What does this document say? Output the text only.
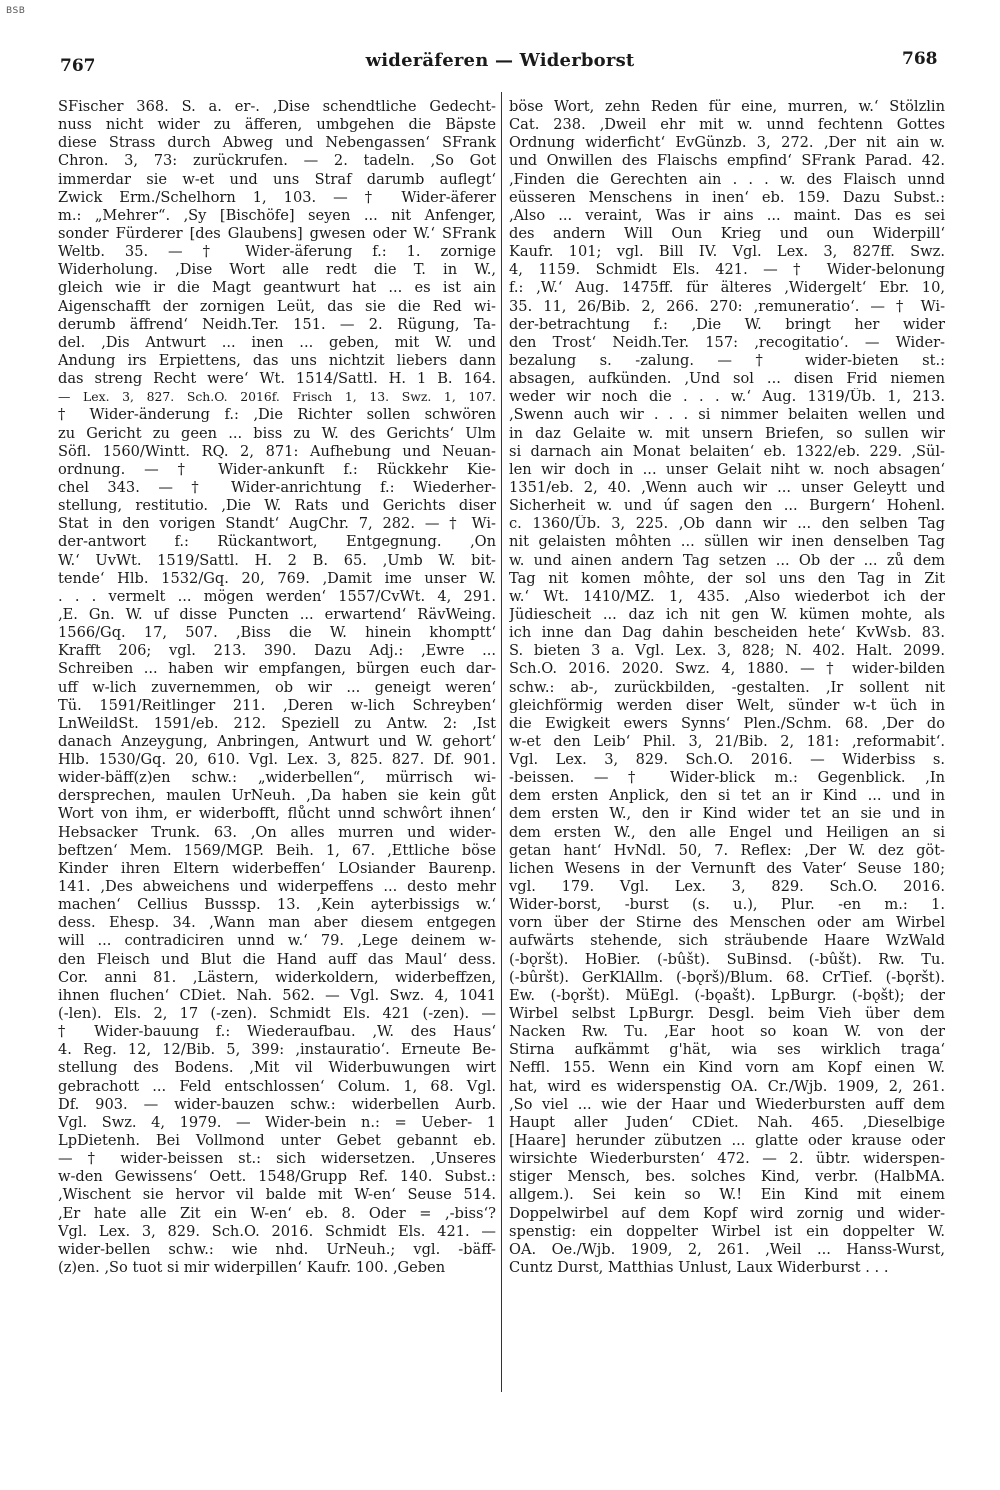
BSB
767	wideräferen — Widerborst	768
SFischer 368. S. a. er-. ‚Dise schendtliche Gedecht-
nuss nicht wider zu äfferen, umbgehen die Bäpste
diese Strass durch Abweg und Nebengassen‘ SFrank
Chron. 3, 73: zurückrufen. — 2. tadeln. ‚So Got
immerdar sie w-et und uns Straf darumb auflegt‘
Zwick Erm./Schelhorn 1, 103. — † Wider-äferer
m.: „Mehrer“. ‚Sy [Bischöfe] seyen ... nit Anfenger,
sonder Fürderer [des Glaubens] gwesen oder W.‘ SFrank
Weltb. 35. — † Wider-äferung f.: 1. zornige
Widerholung. ‚Dise Wort alle redt die T. in W.,
gleich wie ir die Magt geantwurt hat ... es ist ain
Aigenschafft der zornigen Leüt, das sie die Red wi-
derumb äffrend‘ Neidh.Ter. 151. — 2. Rügung, Ta-
del. ‚Dis Antwurt ... inen ... geben, mit W. und
Andung irs Erpiettens, das uns nichtzit liebers dann
das streng Recht were‘ Wt. 1514/Sattl. H. 1 B. 164.
— Lex. 3, 827. Sch.O. 2016f. Frisch 1, 13. Swz. 1, 107.
† Wider-änderung f.: ‚Die Richter sollen schwören
zu Gericht zu geen ... biss zu W. des Gerichts‘ Ulm
Söfl. 1560/Wintt. RQ. 2, 871: Aufhebung und Neuan-
ordnung. — † Wider-ankunft f.: Rückkehr Kie-
chel 343. — † Wider-anrichtung f.: Wiederher-
stellung, restitutio. ‚Die W. Rats und Gerichts diser
Stat in den vorigen Standt‘ AugChr. 7, 282. — † Wi-
der-antwort f.: Rückantwort, Entgegnung. ‚On
W.‘ UvWt. 1519/Sattl. H. 2 B. 65. ‚Umb W. bit-
tende‘ Hlb. 1532/Gq. 20, 769. ‚Damit ime unser W.
. . . vermelt ... mögen werden‘ 1557/CvWt. 4, 291.
‚E. Gn. W. uf disse Puncten ... erwartend‘ RävWeing.
1566/Gq. 17, 507. ‚Biss die W. hinein khomptt‘
Krafft 206; vgl. 213. 390. Dazu Adj.: ‚Ewre ...
Schreiben ... haben wir empfangen, bürgen euch dar-
uff w-lich zuvernemmen, ob wir ... geneigt weren‘
Tü. 1591/Reitlinger 211. ‚Deren w-lich Schreyben‘
LnWeildSt. 1591/eb. 212. Speziell zu Antw. 2: ‚Ist
danach Anzeygung, Anbringen, Antwurt und W. gehort‘
Hlb. 1530/Gq. 20, 610. Vgl. Lex. 3, 825. 827. Df. 901.
wider-bäff(z)en schw.: „widerbellen“, mürrisch wi-
dersprechen, maulen UrNeuh. ‚Da haben sie kein gůt
Wort von ihm, er widerbofft, flůcht unnd schwôrt ihnen‘
Hebsacker Trunk. 63. ‚On alles murren und wider-
beftzen‘ Mem. 1569/MGP. Beih. 1, 67. ‚Ettliche böse
Kinder ihren Eltern widerbeffen‘ LOsiander Baurenp.
141. ‚Des abweichens und widerpeffens ... desto mehr
machen‘ Cellius Busssp. 13. ‚Kein ayterbissigs w.‘
dess. Ehesp. 34. ‚Wann man aber diesem entgegen
will ... contradiciren unnd w.‘ 79. ‚Lege deinem w-
den Fleisch und Blut die Hand auff das Maul‘ dess.
Cor. anni 81. ‚Lästern, widerkoldern, widerbeffzen,
ihnen fluchen‘ CDiet. Nah. 562. — Vgl. Swz. 4, 1041
(-len). Els. 2, 17 (-zen). Schmidt Els. 421 (-zen). —
† Wider-bauung f.: Wiederaufbau. ‚W. des Haus‘
4. Reg. 12, 12/Bib. 5, 399: ‚instauratio‘. Erneute Be-
stellung des Bodens. ‚Mit vil Widerbuwungen wirt
gebrachott ... Feld entschlossen‘ Colum. 1, 68. Vgl.
Df. 903. — wider-bauzen schw.: widerbellen Aurb.
Vgl. Swz. 4, 1979. — Wider-bein n.: = Ueber- 1
LpDietenh. Bei Vollmond unter Gebet gebannt eb.
— † wider-beissen st.: sich widersetzen. ‚Unseres
w-den Gewissens‘ Oett. 1548/Grupp Ref. 140. Subst.:
‚Wischent sie hervor vil balde mit W-en‘ Seuse 514.
‚Er hate alle Zit ein W-en‘ eb. 8. Oder = ,-biss‘?
Vgl. Lex. 3, 829. Sch.O. 2016. Schmidt Els. 421. —
wider-bellen schw.: wie nhd. UrNeuh.; vgl. -bäff-
(z)en. ‚So tuot si mir widerpillen‘ Kaufr. 100. ‚Geben
böse Wort, zehn Reden für eine, murren, w.‘ Stölzlin
Cat. 238. ‚Dweil ehr mit w. unnd fechtenn Gottes
Ordnung widerficht‘ EvGünzb. 3, 272. ‚Der nit ain w.
und Onwillen des Flaischs empfind‘ SFrank Parad. 42.
‚Finden die Gerechten ain . . . w. des Flaisch unnd
eüsseren Menschens in inen‘ eb. 159. Dazu Subst.:
‚Also ... veraint, Was ir ains ... maint. Das es sei
des andern Will Oun Krieg und oun Widerpill‘
Kaufr. 101; vgl. Bill IV. Vgl. Lex. 3, 827ff. Swz.
4, 1159. Schmidt Els. 421. — † Wider-belonung
f.: ‚W.‘ Aug. 1475ff. für älteres ‚Widergelt‘ Ebr. 10,
35. 11, 26/Bib. 2, 266. 270: ‚remuneratio‘. — † Wi-
der-betrachtung f.: ‚Die W. bringt her wider
den Trost‘ Neidh.Ter. 157: ‚recogitatio‘. — Wider-
bezalung s. -zalung. — † wider-bieten st.:
absagen, aufkünden. ‚Und sol ... disen Frid niemen
weder wir noch die . . . w.‘ Aug. 1319/Üb. 1, 213.
‚Swenn auch wir . . . si nimmer belaiten wellen und
in daz Gelaite w. mit unsern Briefen, so sullen wir
si darnach ain Monat belaiten‘ eb. 1322/eb. 229. ‚Sül-
len wir doch in ... unser Gelait niht w. noch absagen‘
1351/eb. 2, 40. ‚Wenn auch wir ... unser Geleytt und
Sicherheit w. und úf sagen den ... Burgern‘ Hohenl.
c. 1360/Üb. 3, 225. ‚Ob dann wir ... den selben Tag
nit gelaisten môhten ... süllen wir inen denselben Tag
w. und ainen andern Tag setzen ... Ob der ... zů dem
Tag nit komen môhte, der sol uns den Tag in Zit
w.‘ Wt. 1410/MZ. 1, 435. ‚Also wiederbot ich der
Jüdiescheit ... daz ich nit gen W. kümen mohte, als
ich inne dan Dag dahin bescheiden hete‘ KvWsb. 83.
S. bieten 3 a. Vgl. Lex. 3, 828; N. 402. Halt. 2099.
Sch.O. 2016. 2020. Swz. 4, 1880. — † wider-bilden
schw.: ab-, zurückbilden, -gestalten. ‚Ir sollent nit
gleichförmig werden diser Welt, sünder w-t üch in
die Ewigkeit ewers Synns‘ Plen./Schm. 68. ‚Der do
w-et den Leib‘ Phil. 3, 21/Bib. 2, 181: ‚reformabit‘.
Vgl. Lex. 3, 829. Sch.O. 2016. — Widerbiss s.
-beissen. — † Wider-blick m.: Gegenblick. ‚In
dem ersten Anplick, den si tet an ir Kind ... und in
dem ersten W., den ir Kind wider tet an sie und in
dem ersten W., den alle Engel und Heiligen an si
getan hant‘ HvNdl. 50, 7. Reflex: ‚Der W. dez göt-
lichen Wesens in der Vernunft des Vater‘ Seuse 180;
vgl. 179. Vgl. Lex. 3, 829. Sch.O. 2016.
Wider-borst, -burst (s. u.), Plur. -en m.: 1.
vorn über der Stirne des Menschen oder am Wirbel
aufwärts stehende, sich sträubende Haare WzWald
(-bǫršt). HoBier. (-bûšt). SuBinsd. (-bûšt). Rw. Tu.
(-bûršt). GerKlAllm. (-bǫrš)/Blum. 68. CrTief. (-bǫršt).
Ew. (-bǫršt). MüEgl. (-bǫašt). LpBurgr. (-bǫšt); der
Wirbel selbst LpBurgr. Desgl. beim Vieh über dem
Nacken Rw. Tu. ‚Ear hoot so koan W. von der
Stirna aufkämmt g'hät, wia ses wirklich traga‘
Neffl. 155. Wenn ein Kind vorn am Kopf einen W.
hat, wird es widerspenstig OA. Cr./Wjb. 1909, 2, 261.
‚So viel ... wie der Haar und Wiederbursten auff dem
Haupt aller Juden‘ CDiet. Nah. 465. ‚Dieselbige
[Haare] herunder zübutzen ... glatte oder krause oder
wirsichte Wiederbursten‘ 472. — 2. übtr. widerspen-
stiger Mensch, bes. solches Kind, verbr. (HalbMA.
allgem.). Sei kein so W.! Ein Kind mit einem
Doppelwirbel auf dem Kopf wird zornig und wider-
spenstig: ein doppelter Wirbel ist ein doppelter W.
OA. Oe./Wjb. 1909, 2, 261. ‚Weil ... Hanss-Wurst,
Cuntz Durst, Matthias Unlust, Laux Widerburst . . .
